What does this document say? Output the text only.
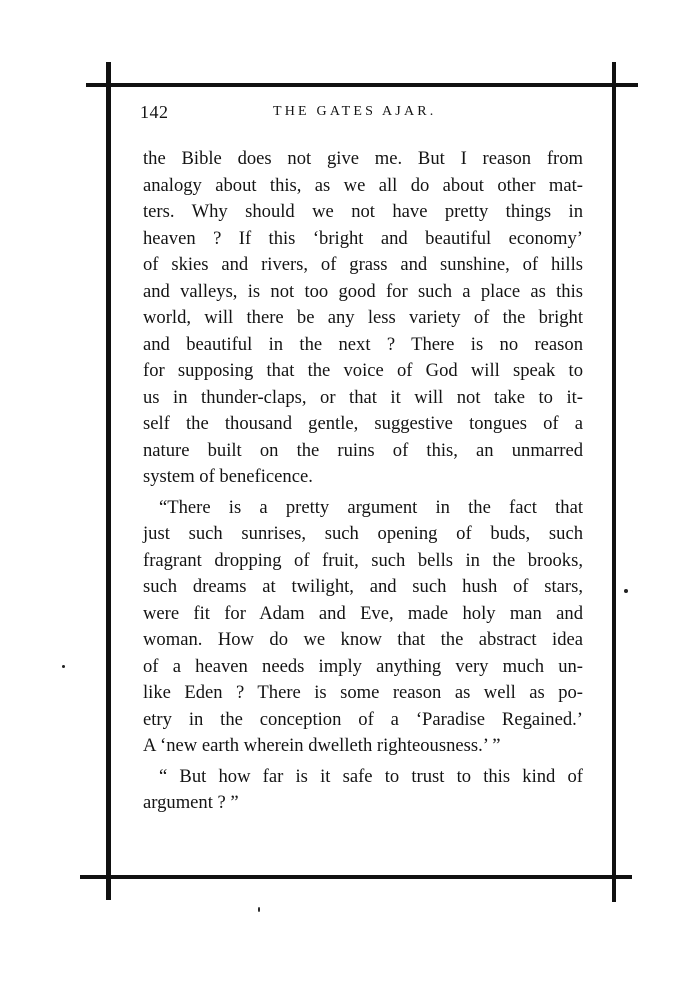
142	THE GATES AJAR.
the Bible does not give me. But I reason from
analogy about this, as we all do about other mat-
ters. Why should we not have pretty things in
heaven ? If this ‘bright and beautiful economy’
of skies and rivers, of grass and sunshine, of hills
and valleys, is not too good for such a place as this
world, will there be any less variety of the bright
and beautiful in the next ? There is no reason
for supposing that the voice of God will speak to
us in thunder-claps, or that it will not take to it-
self the thousand gentle, suggestive tongues of a
nature built on the ruins of this, an unmarred
system of beneficence.
“There is a pretty argument in the fact that
just such sunrises, such opening of buds, such
fragrant dropping of fruit, such bells in the brooks,
such dreams at twilight, and such hush of stars,
were fit for Adam and Eve, made holy man and
woman. How do we know that the abstract idea
of a heaven needs imply anything very much un-
like Eden ? There is some reason as well as po-
etry in the conception of a ‘Paradise Regained.’
A ‘new earth wherein dwelleth righteousness.’ ”
“ But how far is it safe to trust to this kind of
argument ? ”
